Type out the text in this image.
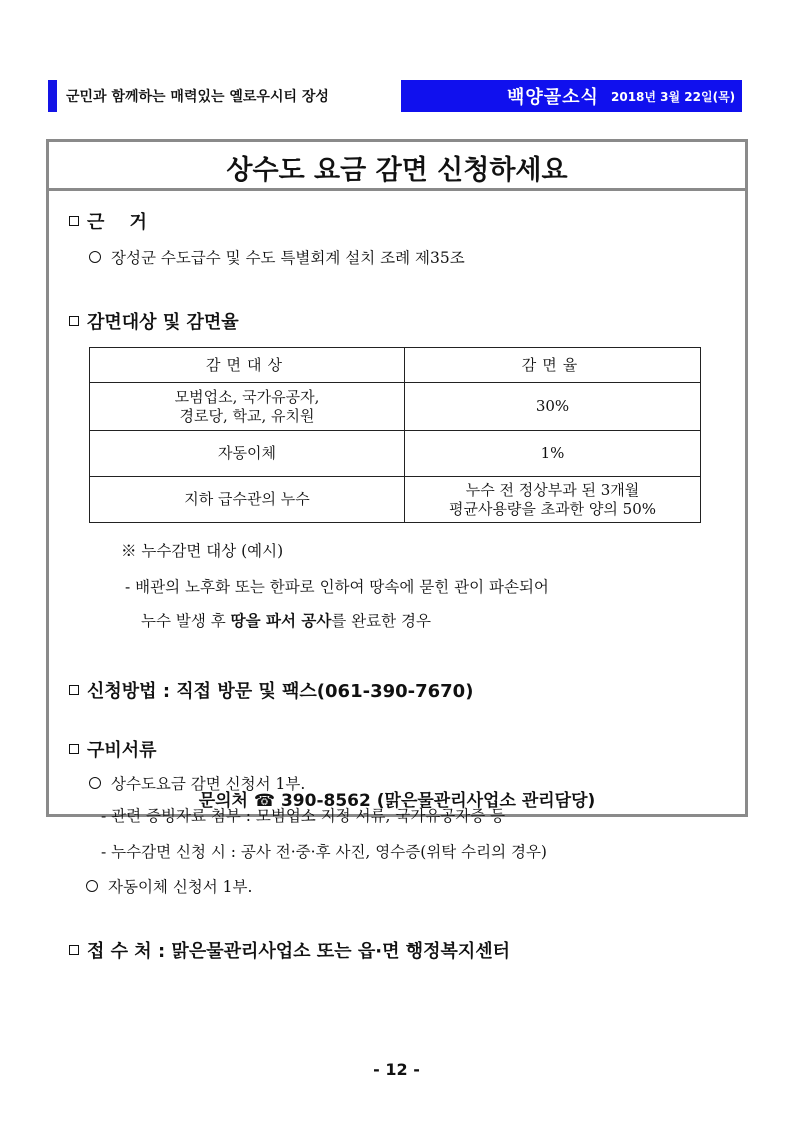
군민과 함께하는 매력있는 옐로우시티 장성	백양골소식 2018년 3월 22일(목)
상수도 요금 감면 신청하세요
근    거
장성군 수도급수 및 수도 특별회계 설치 조례 제35조
감면대상 및 감면율
감면대상	감면율

모범업소, 국가유공자,
경로당, 학교, 유치원	30%
자동이체	1%
지하 급수관의 누수	누수 전 정상부과 된 3개월
평균사용량을 초과한 양의 50%
※ 누수감면 대상 (예시)
- 배관의 노후화 또는 한파로 인하여 땅속에 묻힌 관이 파손되어
누수 발생 후 땅을 파서 공사를 완료한 경우
신청방법 : 직접 방문 및 팩스(061-390-7670)
구비서류
상수도요금 감면 신청서 1부.
문의처 ☎ 390-8562 (맑은물관리사업소 관리담당)
- 관련 증빙자료 첨부 : 모범업소 지정 서류, 국가유공자증 등
- 누수감면 신청 시 : 공사 전·중·후 사진, 영수증(위탁 수리의 경우)
자동이체 신청서 1부.
접 수 처 : 맑은물관리사업소 또는 읍·면 행정복지센터
- 12 -
